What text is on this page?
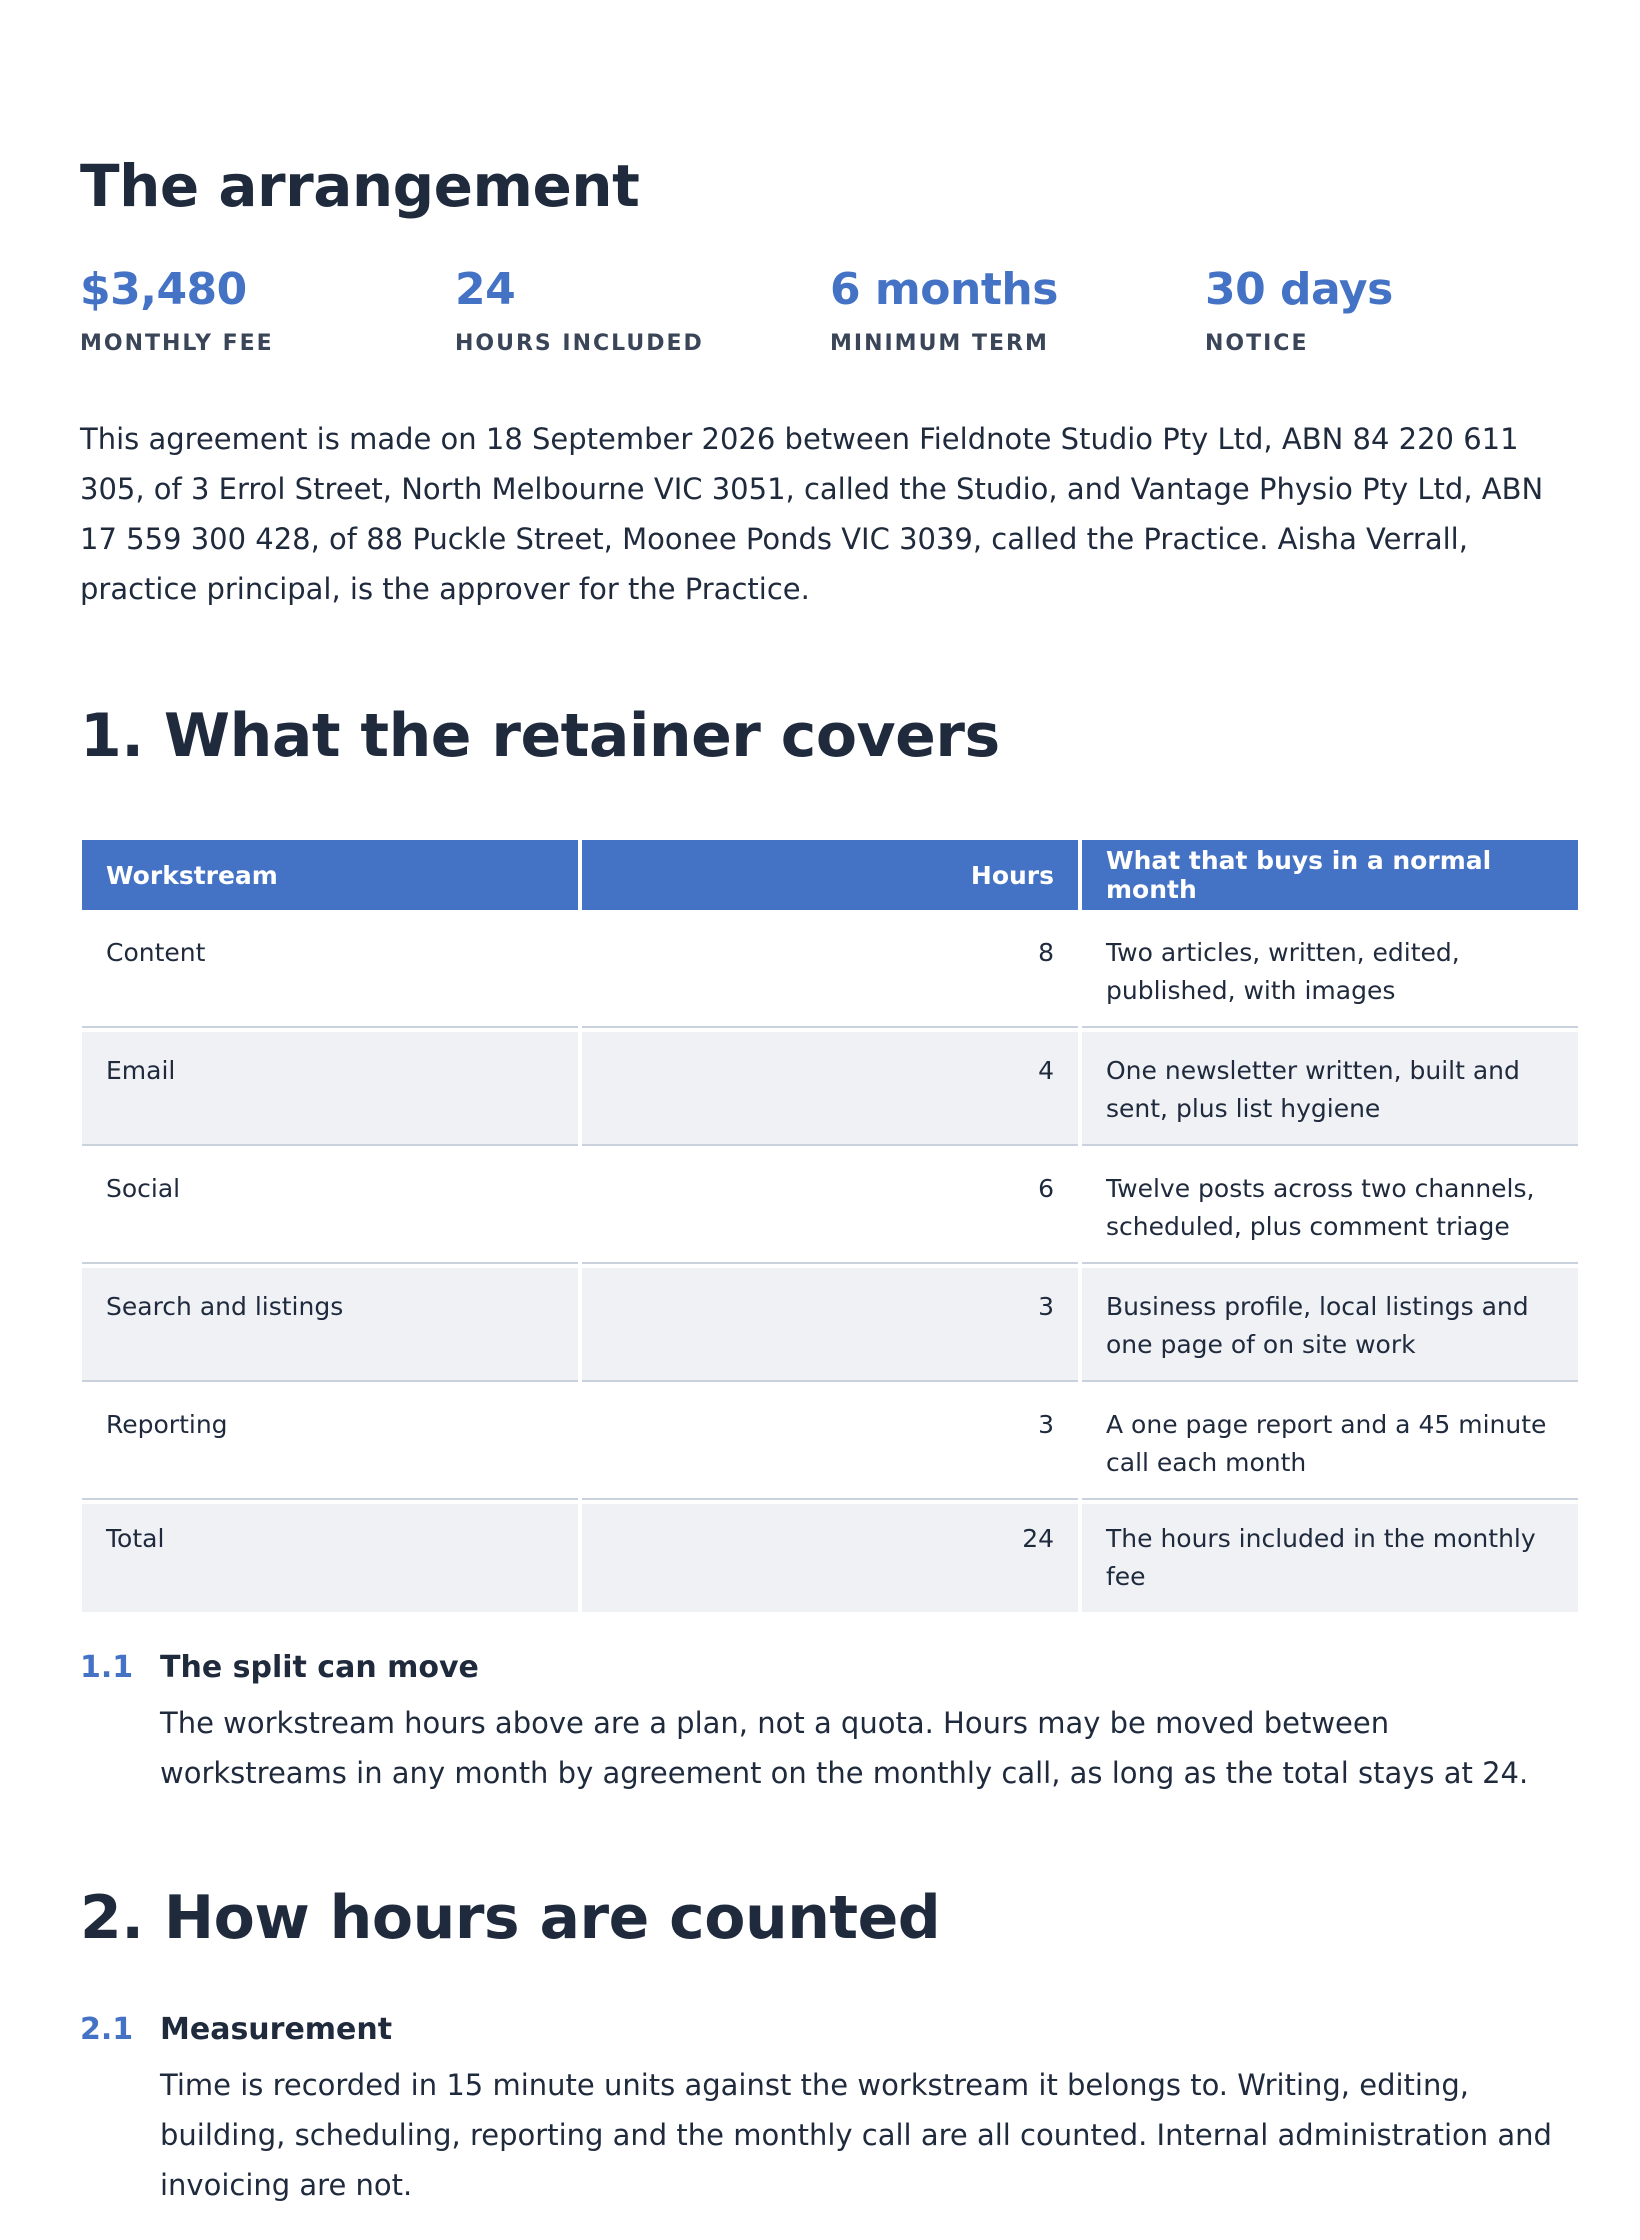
The arrangement
$3,480
MONTHLY FEE
24
HOURS INCLUDED
6 months
MINIMUM TERM
30 days
NOTICE

This agreement is made on 18 September 2026 between Fieldnote Studio Pty Ltd, ABN 84 220 611 305, of 3 Errol Street, North Melbourne VIC 3051, called the Studio, and Vantage Physio Pty Ltd, ABN 17 559 300 428, of 88 Puckle Street, Moonee Ponds VIC 3039, called the Practice. Aisha Verrall, practice principal, is the approver for the Practice.

1. What the retainer covers
Workstream	Hours	What that buys in a normal month
Content	8	Two articles, written, edited, published, with images
Email	4	One newsletter written, built and sent, plus list hygiene
Social	6	Twelve posts across two channels, scheduled, plus comment triage
Search and listings	3	Business profile, local listings and one page of on site work
Reporting	3	A one page report and a 45 minute call each month
Total	24	The hours included in the monthly fee
1.1 The split can move
The workstream hours above are a plan, not a quota. Hours may be moved between workstreams in any month by agreement on the monthly call, as long as the total stays at 24.
2. How hours are counted
2.1 Measurement
Time is recorded in 15 minute units against the workstream it belongs to. Writing, editing, building, scheduling, reporting and the monthly call are all counted. Internal administration and invoicing are not.
